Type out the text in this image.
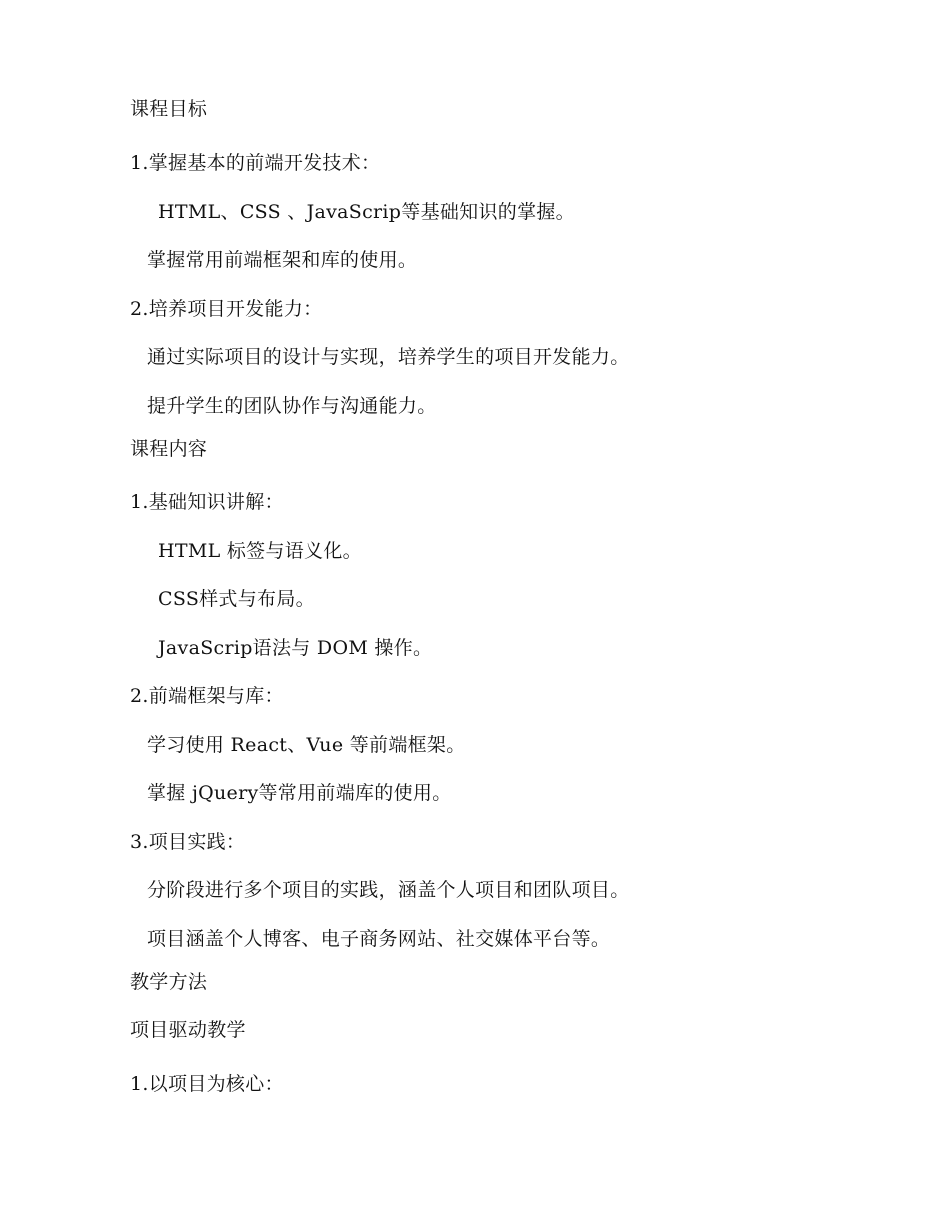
课程目标
1.掌握基本的前端开发技术：
HTML、CSS 、JavaScrip等基础知识的掌握。
掌握常用前端框架和库的使用。
2.培养项目开发能力：
通过实际项目的设计与实现，培养学生的项目开发能力。
提升学生的团队协作与沟通能力。
课程内容
1.基础知识讲解：
HTML 标签与语义化。
CSS样式与布局。
JavaScrip语法与 DOM 操作。
2.前端框架与库：
学习使用 React、Vue 等前端框架。
掌握 jQuery等常用前端库的使用。
3.项目实践：
分阶段进行多个项目的实践，涵盖个人项目和团队项目。
项目涵盖个人博客、电子商务网站、社交媒体平台等。
教学方法
项目驱动教学
1.以项目为核心：
